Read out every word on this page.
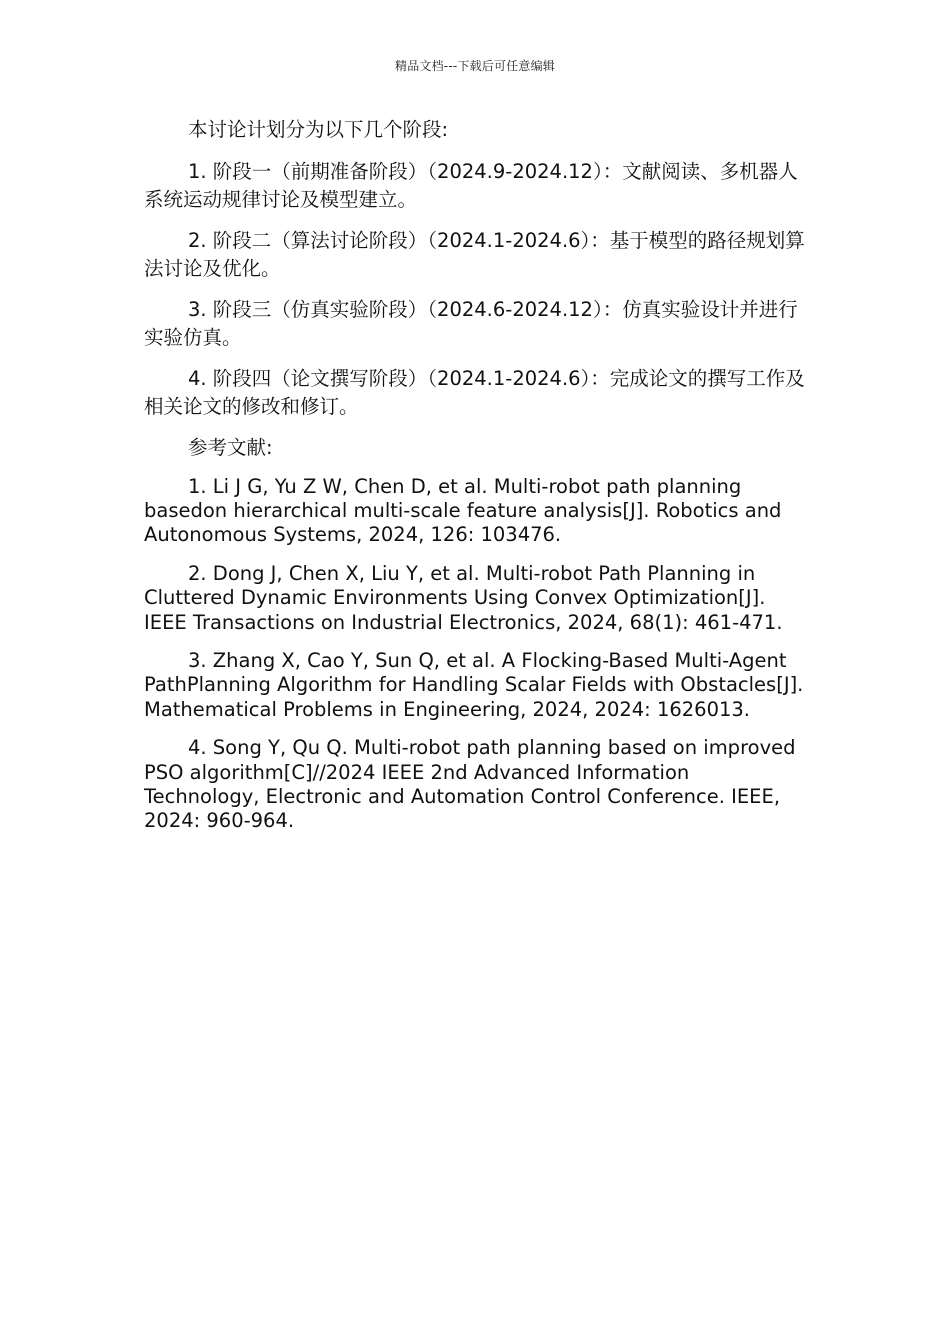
精品文档---下载后可任意编辑

本讨论计划分为以下几个阶段:

1. 阶段一（前期准备阶段）（2024.9-2024.12）：文献阅读、多机器人系统运动规律讨论及模型建立。

2. 阶段二（算法讨论阶段）（2024.1-2024.6）：基于模型的路径规划算法讨论及优化。

3. 阶段三（仿真实验阶段）（2024.6-2024.12）：仿真实验设计并进行实验仿真。

4. 阶段四（论文撰写阶段）（2024.1-2024.6）：完成论文的撰写工作及相关论文的修改和修订。

参考文献:

1. Li J G, Yu Z W, Chen D, et al. Multi-robot path planning basedon hierarchical multi-scale feature analysis[J]. Robotics and Autonomous Systems, 2024, 126: 103476.

2. Dong J, Chen X, Liu Y, et al. Multi-robot Path Planning in Cluttered Dynamic Environments Using Convex Optimization[J]. IEEE Transactions on Industrial Electronics, 2024, 68(1): 461-471.

3. Zhang X, Cao Y, Sun Q, et al. A Flocking-Based Multi-Agent PathPlanning Algorithm for Handling Scalar Fields with Obstacles[J]. Mathematical Problems in Engineering, 2024, 2024: 1626013.

4. Song Y, Qu Q. Multi-robot path planning based on improved PSO algorithm[C]//2024 IEEE 2nd Advanced Information Technology, Electronic and Automation Control Conference. IEEE, 2024: 960-964.
